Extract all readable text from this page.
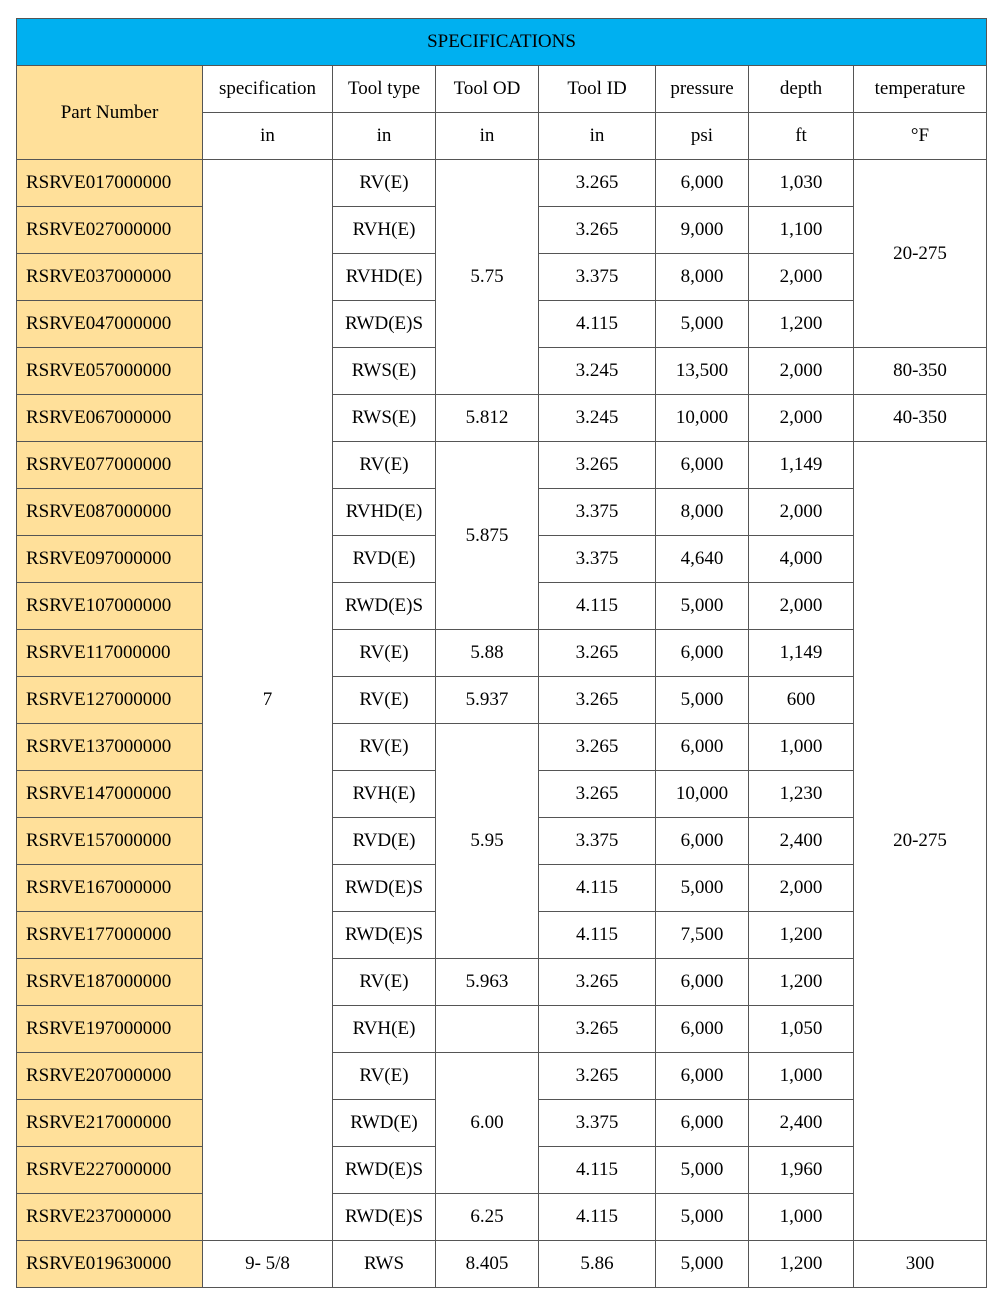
SPECIFICATIONS							
Part Number	specification	Tool type	Tool OD	Tool ID	pressure	depth	temperature
	in	in	in	in	psi	ft	°F
RSRVE017000000	7	RV(E)	5.75	3.265	6,000	1,030	20-275
RSRVE027000000		RVH(E)		3.265	9,000	1,100	
RSRVE037000000		RVHD(E)		3.375	8,000	2,000	
RSRVE047000000		RWD(E)S		4.115	5,000	1,200	
RSRVE057000000		RWS(E)		3.245	13,500	2,000	80-350
RSRVE067000000		RWS(E)	5.812	3.245	10,000	2,000	40-350
RSRVE077000000		RV(E)	5.875	3.265	6,000	1,149	20-275
RSRVE087000000		RVHD(E)		3.375	8,000	2,000	
RSRVE097000000		RVD(E)		3.375	4,640	4,000	
RSRVE107000000		RWD(E)S		4.115	5,000	2,000	
RSRVE117000000		RV(E)	5.88	3.265	6,000	1,149	
RSRVE127000000		RV(E)	5.937	3.265	5,000	600	
RSRVE137000000		RV(E)	5.95	3.265	6,000	1,000	
RSRVE147000000		RVH(E)		3.265	10,000	1,230	
RSRVE157000000		RVD(E)		3.375	6,000	2,400	
RSRVE167000000		RWD(E)S		4.115	5,000	2,000	
RSRVE177000000		RWD(E)S		4.115	7,500	1,200	
RSRVE187000000		RV(E)	5.963	3.265	6,000	1,200	
RSRVE197000000		RVH(E)		3.265	6,000	1,050	
RSRVE207000000		RV(E)	6.00	3.265	6,000	1,000	
RSRVE217000000		RWD(E)		3.375	6,000	2,400	
RSRVE227000000		RWD(E)S		4.115	5,000	1,960	
RSRVE237000000		RWD(E)S	6.25	4.115	5,000	1,000	
RSRVE019630000	9- 5/8	RWS	8.405	5.86	5,000	1,200	300
